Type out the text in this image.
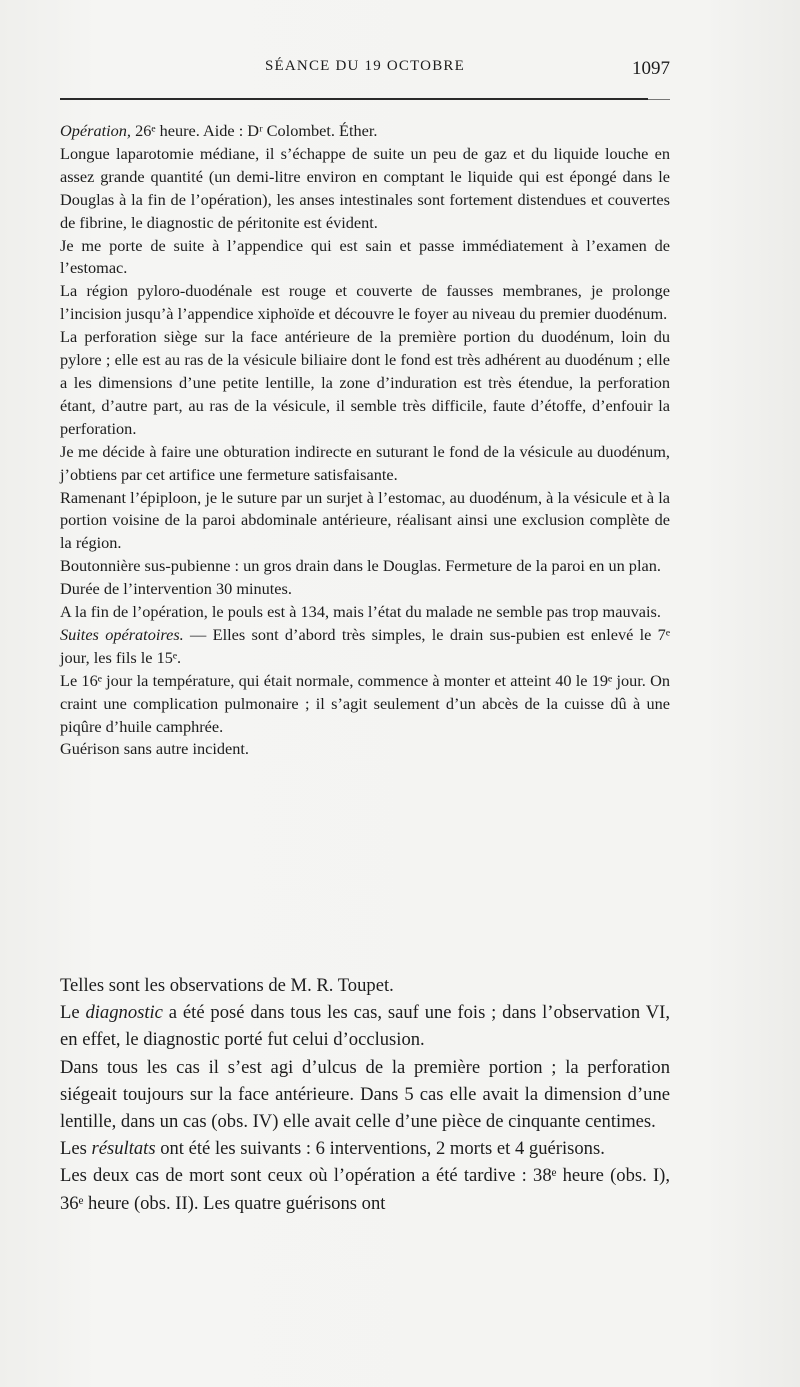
SÉANCE DU 19 OCTOBRE	1097

Opération, 26ᵉ heure. Aide : Dʳ Colombet. Éther.

Longue laparotomie médiane, il s’échappe de suite un peu de gaz et du liquide louche en assez grande quantité (un demi-litre environ en comptant le liquide qui est épongé dans le Douglas à la fin de l’opération), les anses intestinales sont fortement distendues et couvertes de fibrine, le diagnostic de péritonite est évident.

Je me porte de suite à l’appendice qui est sain et passe immédiatement à l’examen de l’estomac.

La région pyloro-duodénale est rouge et couverte de fausses membranes, je prolonge l’incision jusqu’à l’appendice xiphoïde et découvre le foyer au niveau du premier duodénum.

La perforation siège sur la face antérieure de la première portion du duodénum, loin du pylore ; elle est au ras de la vésicule biliaire dont le fond est très adhérent au duodénum ; elle a les dimensions d’une petite lentille, la zone d’induration est très étendue, la perforation étant, d’autre part, au ras de la vésicule, il semble très difficile, faute d’étoffe, d’enfouir la perforation.

Je me décide à faire une obturation indirecte en suturant le fond de la vésicule au duodénum, j’obtiens par cet artifice une fermeture satisfaisante.

Ramenant l’épiploon, je le suture par un surjet à l’estomac, au duodénum, à la vésicule et à la portion voisine de la paroi abdominale antérieure, réalisant ainsi une exclusion complète de la région.

Boutonnière sus-pubienne : un gros drain dans le Douglas. Fermeture de la paroi en un plan.

Durée de l’intervention 30 minutes.

A la fin de l’opération, le pouls est à 134, mais l’état du malade ne semble pas trop mauvais.

Suites opératoires. — Elles sont d’abord très simples, le drain sus-pubien est enlevé le 7ᵉ jour, les fils le 15ᵉ.

Le 16ᵉ jour la température, qui était normale, commence à monter et atteint 40 le 19ᵉ jour. On craint une complication pulmonaire ; il s’agit seulement d’un abcès de la cuisse dû à une piqûre d’huile camphrée.

Guérison sans autre incident.

Telles sont les observations de M. R. Toupet.

Le diagnostic a été posé dans tous les cas, sauf une fois ; dans l’observation VI, en effet, le diagnostic porté fut celui d’occlusion.

Dans tous les cas il s’est agi d’ulcus de la première portion ; la perforation siégeait toujours sur la face antérieure. Dans 5 cas elle avait la dimension d’une lentille, dans un cas (obs. IV) elle avait celle d’une pièce de cinquante centimes.

Les résultats ont été les suivants : 6 interventions, 2 morts et 4 guérisons.

Les deux cas de mort sont ceux où l’opération a été tardive : 38ᵉ heure (obs. I), 36ᵉ heure (obs. II). Les quatre guérisons ont
